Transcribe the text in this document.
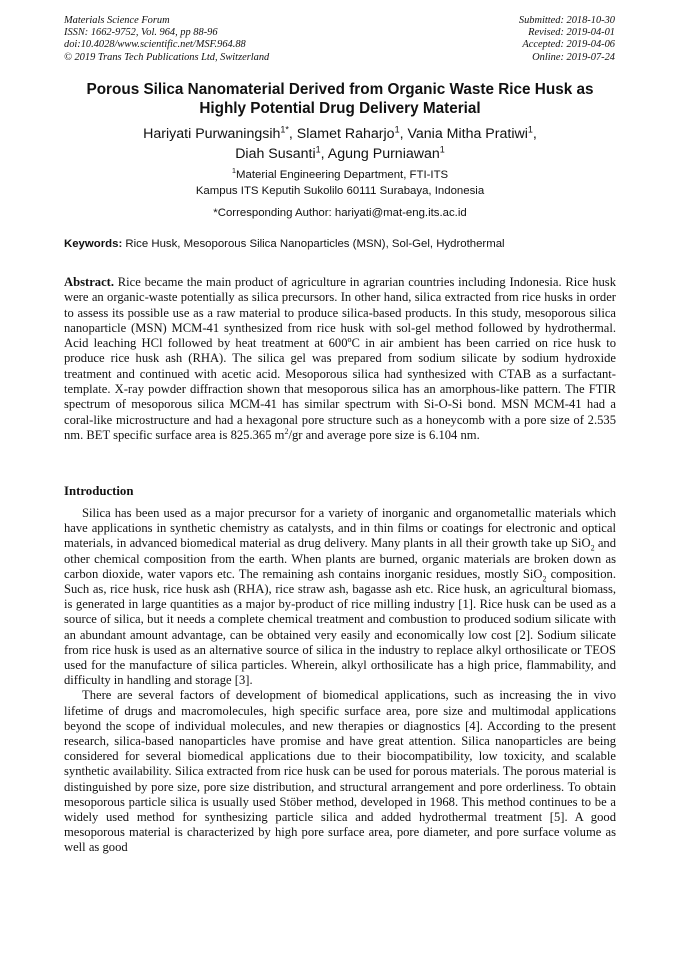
Materials Science Forum
ISSN: 1662-9752, Vol. 964, pp 88-96
doi:10.4028/www.scientific.net/MSF.964.88
© 2019 Trans Tech Publications Ltd, Switzerland
Submitted: 2018-10-30
Revised: 2019-04-01
Accepted: 2019-04-06
Online: 2019-07-24
Porous Silica Nanomaterial Derived from Organic Waste Rice Husk as
Highly Potential Drug Delivery Material
Hariyati Purwaningsih$^{1*}$, Slamet Raharjo$^1$, Vania Mitha Pratiwi$^1$,
Diah Susanti$^1$, Agung Purniawan$^1$
$^1$Material Engineering Department, FTI-ITS
Kampus ITS Keputih Sukolilo 60111 Surabaya, Indonesia
*Corresponding Author: hariyati@mat-eng.its.ac.id
Keywords: Rice Husk, Mesoporous Silica Nanoparticles (MSN), Sol-Gel, Hydrothermal
Abstract. Rice became the main product of agriculture in agrarian countries including Indonesia. Rice husk were an organic-waste potentially as silica precursors. In other hand, silica extracted from rice husks in order to assess its possible use as a raw material to produce silica-based products. In this study, mesoporous silica nanoparticle (MSN) MCM-41 synthesized from rice husk with sol-gel method followed by hydrothermal. Acid leaching HCl followed by heat treatment at 600$^o$C in air ambient has been carried on rice husk to produce rice husk ash (RHA). The silica gel was prepared from sodium silicate by sodium hydroxide treatment and continued with acetic acid. Mesoporous silica had synthesized with CTAB as a surfactant-template. X-ray powder diffraction shown that mesoporous silica has an amorphous-like pattern. The FTIR spectrum of mesoporous silica MCM-41 has similar spectrum with Si-O-Si bond. MSN MCM-41 had a coral-like microstructure and had a hexagonal pore structure such as a honeycomb with a pore size of 2.535 nm. BET specific surface area is 825.365 $m^2/gr$ and average pore size is 6.104 nm.
Introduction

Silica has been used as a major precursor for a variety of inorganic and organometallic materials which have applications in synthetic chemistry as catalysts, and in thin films or coatings for electronic and optical materials, in advanced biomedical material as drug delivery. Many plants in all their growth take up SiO$_2$ and other chemical composition from the earth. When plants are burned, organic materials are broken down as carbon dioxide, water vapors etc. The remaining ash contains inorganic residues, mostly SiO$_2$ composition. Such as, rice husk, rice husk ash (RHA), rice straw ash, bagasse ash etc. Rice husk, an agricultural biomass, is generated in large quantities as a major by-product of rice milling industry [1]. Rice husk can be used as a source of silica, but it needs a complete chemical treatment and combustion to produced sodium silicate with an abundant amount advantage, can be obtained very easily and economically low cost [2]. Sodium silicate from rice husk is used as an alternative source of silica in the industry to replace alkyl orthosilicate or TEOS used for the manufacture of silica particles. Wherein, alkyl orthosilicate has a high price, flammability, and difficulty in handling and storage [3].

There are several factors of development of biomedical applications, such as increasing the in vivo lifetime of drugs and macromolecules, high specific surface area, pore size and multimodal applications beyond the scope of individual molecules, and new therapies or diagnostics [4]. According to the present research, silica-based nanoparticles have promise and have great attention. Silica nanoparticles are being considered for several biomedical applications due to their biocompatibility, low toxicity, and scalable synthetic availability. Silica extracted from rice husk can be used for porous materials. The porous material is distinguished by pore size, pore size distribution, and structural arrangement and pore orderliness. To obtain mesoporous particle silica is usually used Stöber method, developed in 1968. This method continues to be a widely used method for synthesizing particle silica and added hydrothermal treatment [5]. A good mesoporous material is characterized by high pore surface area, pore diameter, and pore surface volume as well as good
